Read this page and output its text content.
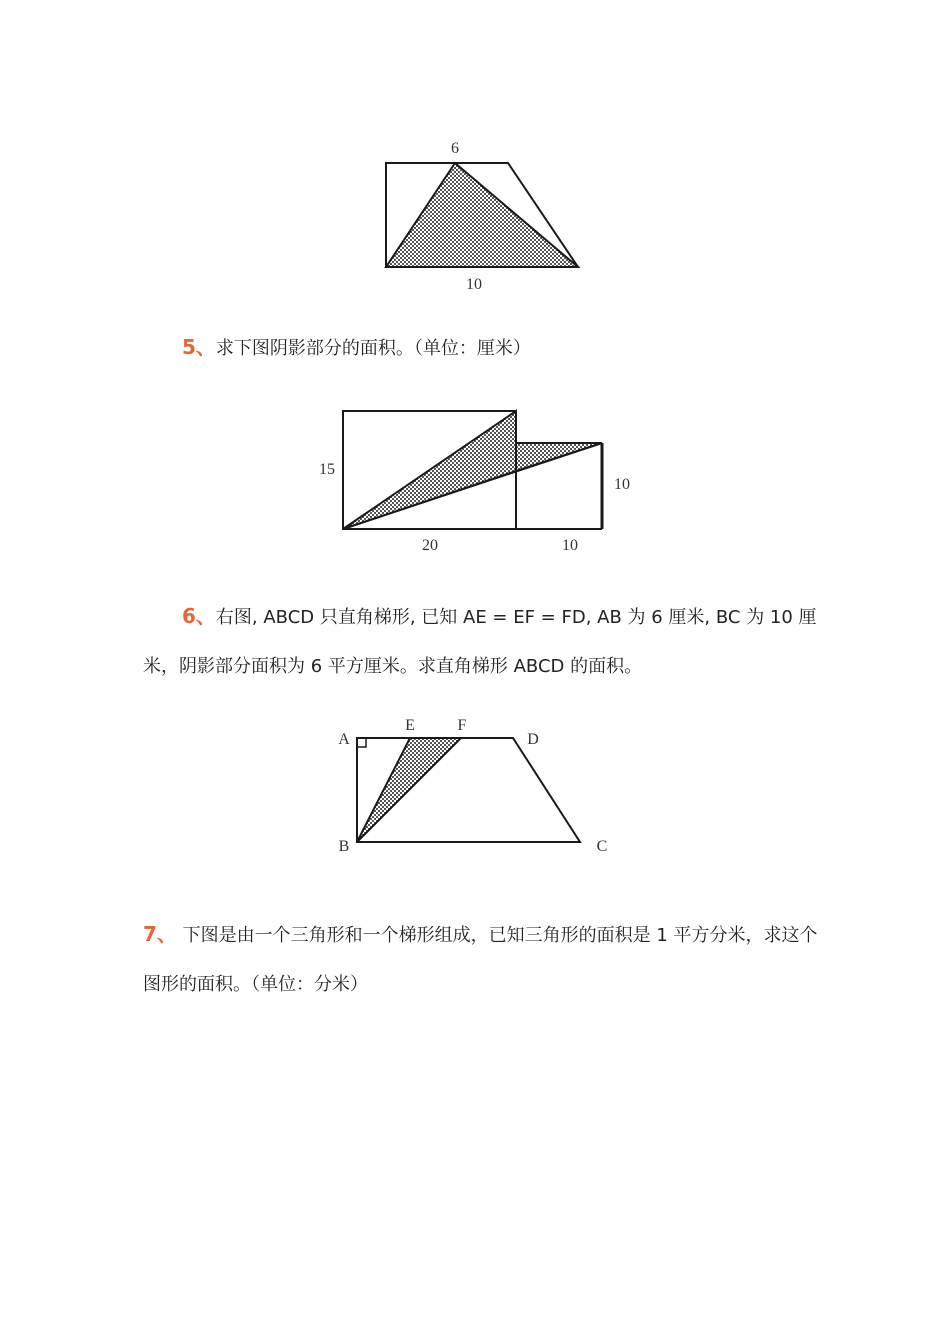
6
10

5、求下图阴影部分的面积。（单位：厘米）

15
10
20	10

6、右图, ABCD 只直角梯形, 已知 AE = EF = FD, AB 为 6 厘米, BC 为 10 厘米，阴影部分面积为 6 平方厘米。求直角梯形 ABCD 的面积。

A
E	F
D
B	C

7、 下图是由一个三角形和一个梯形组成，已知三角形的面积是 1 平方分米，求这个图形的面积。（单位：分米）
